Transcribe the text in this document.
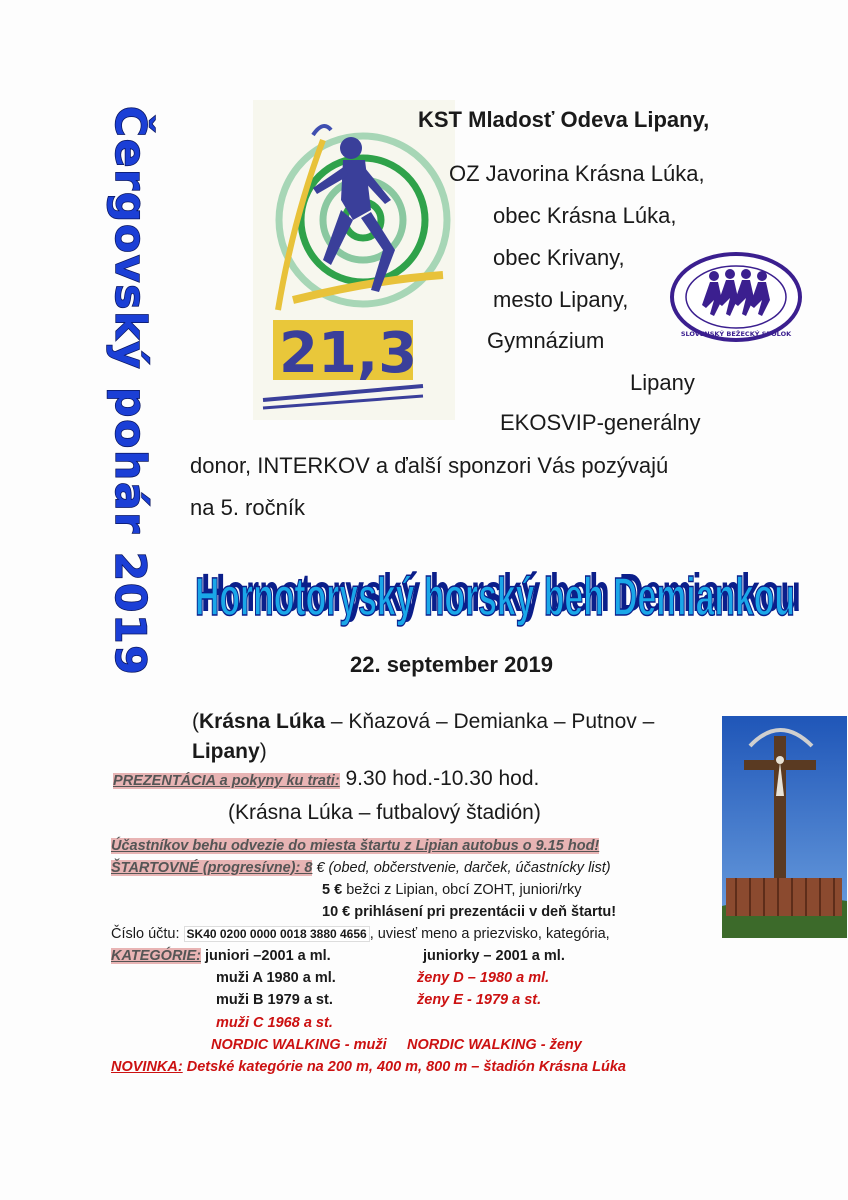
Čergovský pohár 2019 21,3
KST Mladosť Odeva Lipany,
OZ Javorina Krásna Lúka,
obec Krásna Lúka,
obec Krivany,
mesto Lipany,
Gymnázium
Lipany
EKOSVIP-generálny
donor, INTERKOV a ďalší sponzori Vás pozývajú
na 5. ročník
SLOVENSKÝ BEŽECKÝ SPOLOK
Hornotoryský horský beh Demiankou
Hornotoryský horský beh Demiankou
22. september 2019
(Krásna Lúka – Kňazová – Demianka – Putnov –
Lipany)
PREZENTÁCIA a pokyny ku trati: 9.30 hod.-10.30 hod.
(Krásna Lúka – futbalový štadión)
Účastníkov behu odvezie do miesta štartu z Lipian autobus o 9.15 hod!
ŠTARTOVNÉ (progresívne): 8 € (obed, občerstvenie, darček, účastnícky list)
5 € bežci z Lipian, obcí ZOHT, juniori/rky
10 € prihlásení pri prezentácii v deň štartu!
Číslo účtu: SK40 0200 0000 0018 3880 4656 , uviesť meno a priezvisko, kategória,
KATEGÓRIE: juniori –2001 a ml.	juniorky – 2001 a ml.
muži A 1980 a ml.	ženy D – 1980 a ml.
muži B 1979 a st.	ženy E - 1979 a st.
muži C 1968 a st.
NORDIC WALKING - muži NORDIC WALKING - ženy
NOVINKA: Detské kategórie na 200 m, 400 m, 800 m – štadión Krásna Lúka
